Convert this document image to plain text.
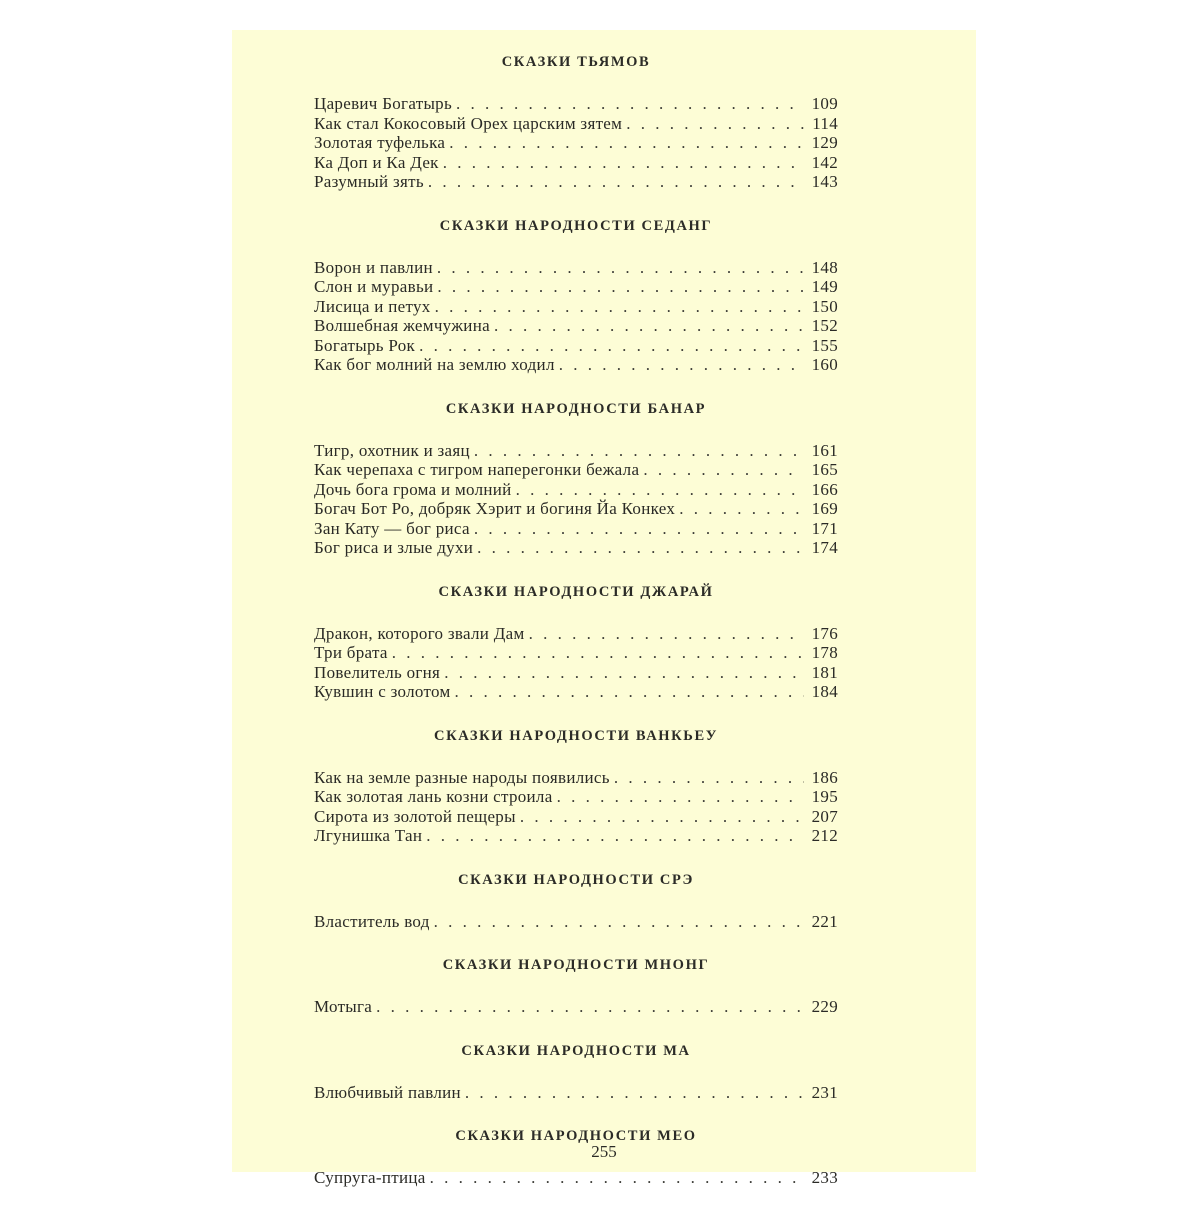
СКАЗКИ ТЬЯМОВ
Царевич Богатырь . . .	109
Как стал Кокосовый Орех царским зятем . . .	114
Золотая туфелька . . .	129
Ка Доп и Ка Дек . . .	142
Разумный зять . . .	143
СКАЗКИ НАРОДНОСТИ СЕДАНГ
Ворон и павлин . . .	148
Слон и муравьи . . .	149
Лисица и петух . . .	150
Волшебная жемчужина . . .	152
Богатырь Рок . . .	155
Как бог молний на землю ходил . . .	160
СКАЗКИ НАРОДНОСТИ БАНАР
Тигр, охотник и заяц . . .	161
Как черепаха с тигром наперегонки бежала . . .	165
Дочь бога грома и молний . . .	166
Богач Бот Ро, добряк Хэрит и богиня Йа Конкех . . .	169
Зан Кату — бог риса . . .	171
Бог риса и злые духи . . .	174
СКАЗКИ НАРОДНОСТИ ДЖАРАЙ
Дракон, которого звали Дам . . .	176
Три брата . . .	178
Повелитель огня . . .	181
Кувшин с золотом . . .	184
СКАЗКИ НАРОДНОСТИ ВАНКЬЕУ
Как на земле разные народы появились . . .	186
Как золотая лань козни строила . . .	195
Сирота из золотой пещеры . . .	207
Лгунишка Тан . . .	212
СКАЗКИ НАРОДНОСТИ СРЭ
Властитель вод . . .	221
СКАЗКИ НАРОДНОСТИ МНОНГ
Мотыга . . .	229
СКАЗКИ НАРОДНОСТИ МА
Влюбчивый павлин . . .	231
СКАЗКИ НАРОДНОСТИ МЕО
Супруга-птица . . .	233
255
